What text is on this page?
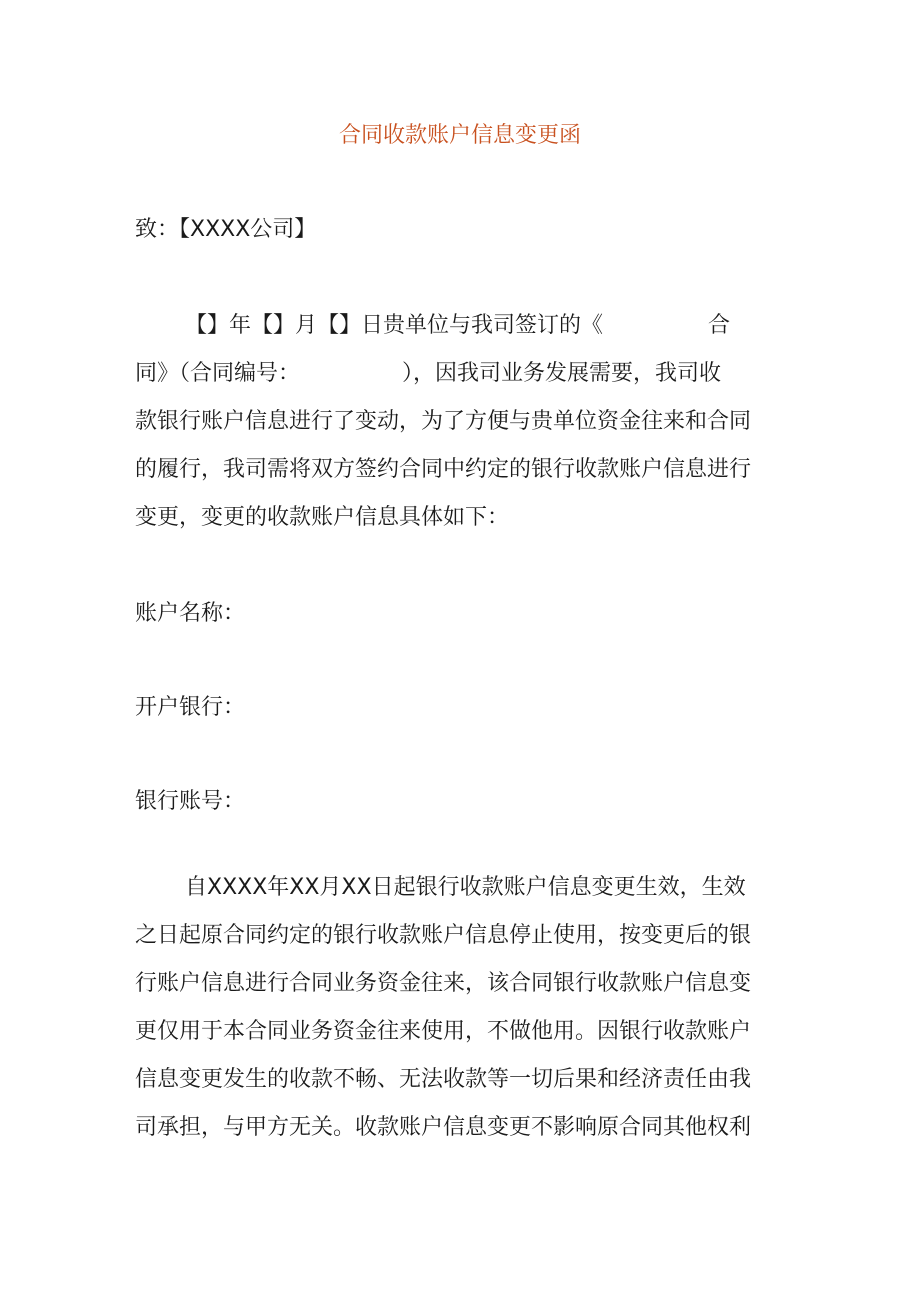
合同收款账户信息变更函
致：【XXXX公司】
【】年【】月【】日贵单位与我司签订的《	合
同》（合同编号：	），因我司业务发展需要，我司收
款银行账户信息进行了变动，为了方便与贵单位资金往来和合同
的履行，我司需将双方签约合同中约定的银行收款账户信息进行
变更，变更的收款账户信息具体如下：
账户名称：
开户银行：
银行账号：
自XXXX年XX月XX日起银行收款账户信息变更生效，生效
之日起原合同约定的银行收款账户信息停止使用，按变更后的银
行账户信息进行合同业务资金往来，该合同银行收款账户信息变
更仅用于本合同业务资金往来使用，不做他用。因银行收款账户
信息变更发生的收款不畅、无法收款等一切后果和经济责任由我
司承担，与甲方无关。收款账户信息变更不影响原合同其他权利
